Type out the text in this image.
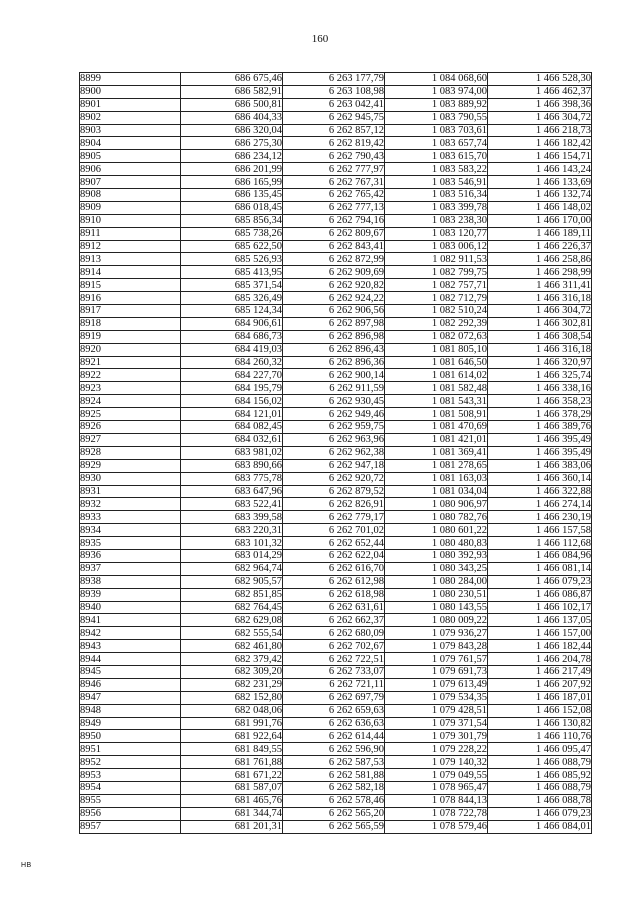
160
8899	686 675,46	6 263 177,79	1 084 068,60	1 466 528,30
8900	686 582,91	6 263 108,98	1 083 974,00	1 466 462,37
8901	686 500,81	6 263 042,41	1 083 889,92	1 466 398,36
8902	686 404,33	6 262 945,75	1 083 790,55	1 466 304,72
8903	686 320,04	6 262 857,12	1 083 703,61	1 466 218,73
8904	686 275,30	6 262 819,42	1 083 657,74	1 466 182,42
8905	686 234,12	6 262 790,43	1 083 615,70	1 466 154,71
8906	686 201,99	6 262 777,97	1 083 583,22	1 466 143,24
8907	686 165,99	6 262 767,31	1 083 546,91	1 466 133,69
8908	686 135,45	6 262 765,42	1 083 516,34	1 466 132,74
8909	686 018,45	6 262 777,13	1 083 399,78	1 466 148,02
8910	685 856,34	6 262 794,16	1 083 238,30	1 466 170,00
8911	685 738,26	6 262 809,67	1 083 120,77	1 466 189,11
8912	685 622,50	6 262 843,41	1 083 006,12	1 466 226,37
8913	685 526,93	6 262 872,99	1 082 911,53	1 466 258,86
8914	685 413,95	6 262 909,69	1 082 799,75	1 466 298,99
8915	685 371,54	6 262 920,82	1 082 757,71	1 466 311,41
8916	685 326,49	6 262 924,22	1 082 712,79	1 466 316,18
8917	685 124,34	6 262 906,56	1 082 510,24	1 466 304,72
8918	684 906,61	6 262 897,98	1 082 292,39	1 466 302,81
8919	684 686,73	6 262 896,98	1 082 072,63	1 466 308,54
8920	684 419,03	6 262 896,43	1 081 805,10	1 466 316,18
8921	684 260,32	6 262 896,36	1 081 646,50	1 466 320,97
8922	684 227,70	6 262 900,14	1 081 614,02	1 466 325,74
8923	684 195,79	6 262 911,59	1 081 582,48	1 466 338,16
8924	684 156,02	6 262 930,45	1 081 543,31	1 466 358,23
8925	684 121,01	6 262 949,46	1 081 508,91	1 466 378,29
8926	684 082,45	6 262 959,75	1 081 470,69	1 466 389,76
8927	684 032,61	6 262 963,96	1 081 421,01	1 466 395,49
8928	683 981,02	6 262 962,38	1 081 369,41	1 466 395,49
8929	683 890,66	6 262 947,18	1 081 278,65	1 466 383,06
8930	683 775,78	6 262 920,72	1 081 163,03	1 466 360,14
8931	683 647,96	6 262 879,52	1 081 034,04	1 466 322,88
8932	683 522,41	6 262 826,91	1 080 906,97	1 466 274,14
8933	683 399,58	6 262 779,17	1 080 782,76	1 466 230,19
8934	683 220,31	6 262 701,02	1 080 601,22	1 466 157,58
8935	683 101,32	6 262 652,44	1 080 480,83	1 466 112,68
8936	683 014,29	6 262 622,04	1 080 392,93	1 466 084,96
8937	682 964,74	6 262 616,70	1 080 343,25	1 466 081,14
8938	682 905,57	6 262 612,98	1 080 284,00	1 466 079,23
8939	682 851,85	6 262 618,98	1 080 230,51	1 466 086,87
8940	682 764,45	6 262 631,61	1 080 143,55	1 466 102,17
8941	682 629,08	6 262 662,37	1 080 009,22	1 466 137,05
8942	682 555,54	6 262 680,09	1 079 936,27	1 466 157,00
8943	682 461,80	6 262 702,67	1 079 843,28	1 466 182,44
8944	682 379,42	6 262 722,51	1 079 761,57	1 466 204,78
8945	682 309,20	6 262 733,07	1 079 691,73	1 466 217,49
8946	682 231,29	6 262 721,11	1 079 613,49	1 466 207,92
8947	682 152,80	6 262 697,79	1 079 534,35	1 466 187,01
8948	682 048,06	6 262 659,63	1 079 428,51	1 466 152,08
8949	681 991,76	6 262 636,63	1 079 371,54	1 466 130,82
8950	681 922,64	6 262 614,44	1 079 301,79	1 466 110,76
8951	681 849,55	6 262 596,90	1 079 228,22	1 466 095,47
8952	681 761,88	6 262 587,53	1 079 140,32	1 466 088,79
8953	681 671,22	6 262 581,88	1 079 049,55	1 466 085,92
8954	681 587,07	6 262 582,18	1 078 965,47	1 466 088,79
8955	681 465,76	6 262 578,46	1 078 844,13	1 466 088,78
8956	681 344,74	6 262 565,20	1 078 722,78	1 466 079,23
8957	681 201,31	6 262 565,59	1 078 579,46	1 466 084,01
HB
